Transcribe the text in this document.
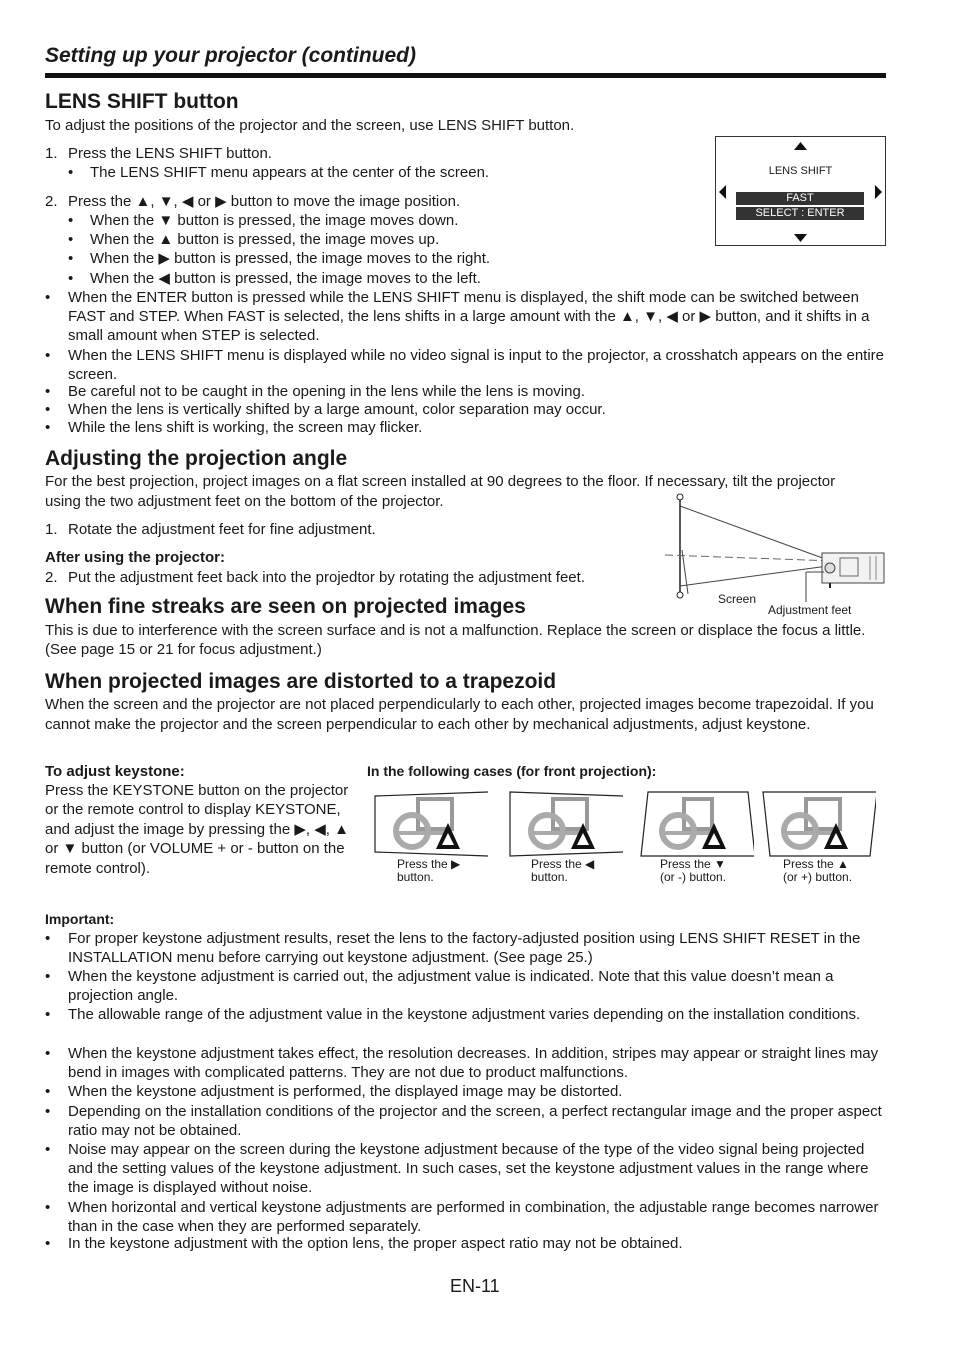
Setting up your projector (continued)
LENS SHIFT button

To adjust the positions of the projector and the screen, use LENS SHIFT button.

1. Press the LENS SHIFT button.
• The LENS SHIFT menu appears at the center of the screen.
2. Press the ▲, ▼, ◀ or ▶ button to move the image position.
• When the ▼ button is pressed, the image moves down.
• When the ▲ button is pressed, the image moves up.
• When the ▶ button is pressed, the image moves to the right.
• When the ◀ button is pressed, the image moves to the left.
• When the ENTER button is pressed while the LENS SHIFT menu is displayed, the shift mode can be switched between FAST and STEP. When FAST is selected, the lens shifts in a large amount with the ▲, ▼, ◀ or ▶ button, and it shifts in a small amount when STEP is selected.

• When the LENS SHIFT menu is displayed while no video signal is input to the projector, a crosshatch appears on the entire screen.

• Be careful not to be caught in the opening in the lens while the lens is moving.

• When the lens is vertically shifted by a large amount, color separation may occur.

• While the lens shift is working, the screen may flicker.

LENS SHIFT
FAST
SELECT : ENTER
Adjusting the projection angle

For the best projection, project images on a flat screen installed at 90 degrees to the floor. If necessary, tilt the projector using the two adjustment feet on the bottom of the projector.

1. Rotate the adjustment feet for fine adjustment.
After using the projector:
2. Put the adjustment feet back into the projedtor by rotating the adjustment feet.
Screen
Adjustment feet
When fine streaks are seen on projected images

This is due to interference with the screen surface and is not a malfunction. Replace the screen or displace the focus a little. (See page 15 or 21 for focus adjustment.)

When projected images are distorted to a trapezoid

When the screen and the projector are not placed perpendicularly to each other, projected images become trapezoidal. If you cannot make the projector and the screen perpendicular to each other by mechanical adjustments, adjust keystone.

To adjust keystone:

Press the KEYSTONE button on the projector or the remote control to display KEYSTONE, and adjust the image by pressing the ▶, ◀, ▲ or ▼ button (or VOLUME + or - button on the remote control).

In the following cases (for front projection):
Press the ▶
button.
Press the ◀
button.
Press the ▼
(or -) button.
Press the ▲
(or +) button.
Important:
• For proper keystone adjustment results, reset the lens to the factory-adjusted position using LENS SHIFT RESET in the INSTALLATION menu before carrying out keystone adjustment. (See page 25.)

• When the keystone adjustment is carried out, the adjustment value is indicated. Note that this value doesn’t mean a projection angle.

• The allowable range of the adjustment value in the keystone adjustment varies depending on the installation conditions.

• When the keystone adjustment takes effect, the resolution decreases. In addition, stripes may appear or straight lines may bend in images with complicated patterns. They are not due to product malfunctions.

• When the keystone adjustment is performed, the displayed image may be distorted.

• Depending on the installation conditions of the projector and the screen, a perfect rectangular image and the proper aspect ratio may not be obtained.

• Noise may appear on the screen during the keystone adjustment because of the type of the video signal being projected and the setting values of the keystone adjustment. In such cases, set the keystone adjustment values in the range where the image is displayed without noise.

• When horizontal and vertical keystone adjustments are performed in combination, the adjustable range becomes narrower than in the case when they are performed separately.

• In the keystone adjustment with the option lens, the proper aspect ratio may not be obtained.

EN-11
